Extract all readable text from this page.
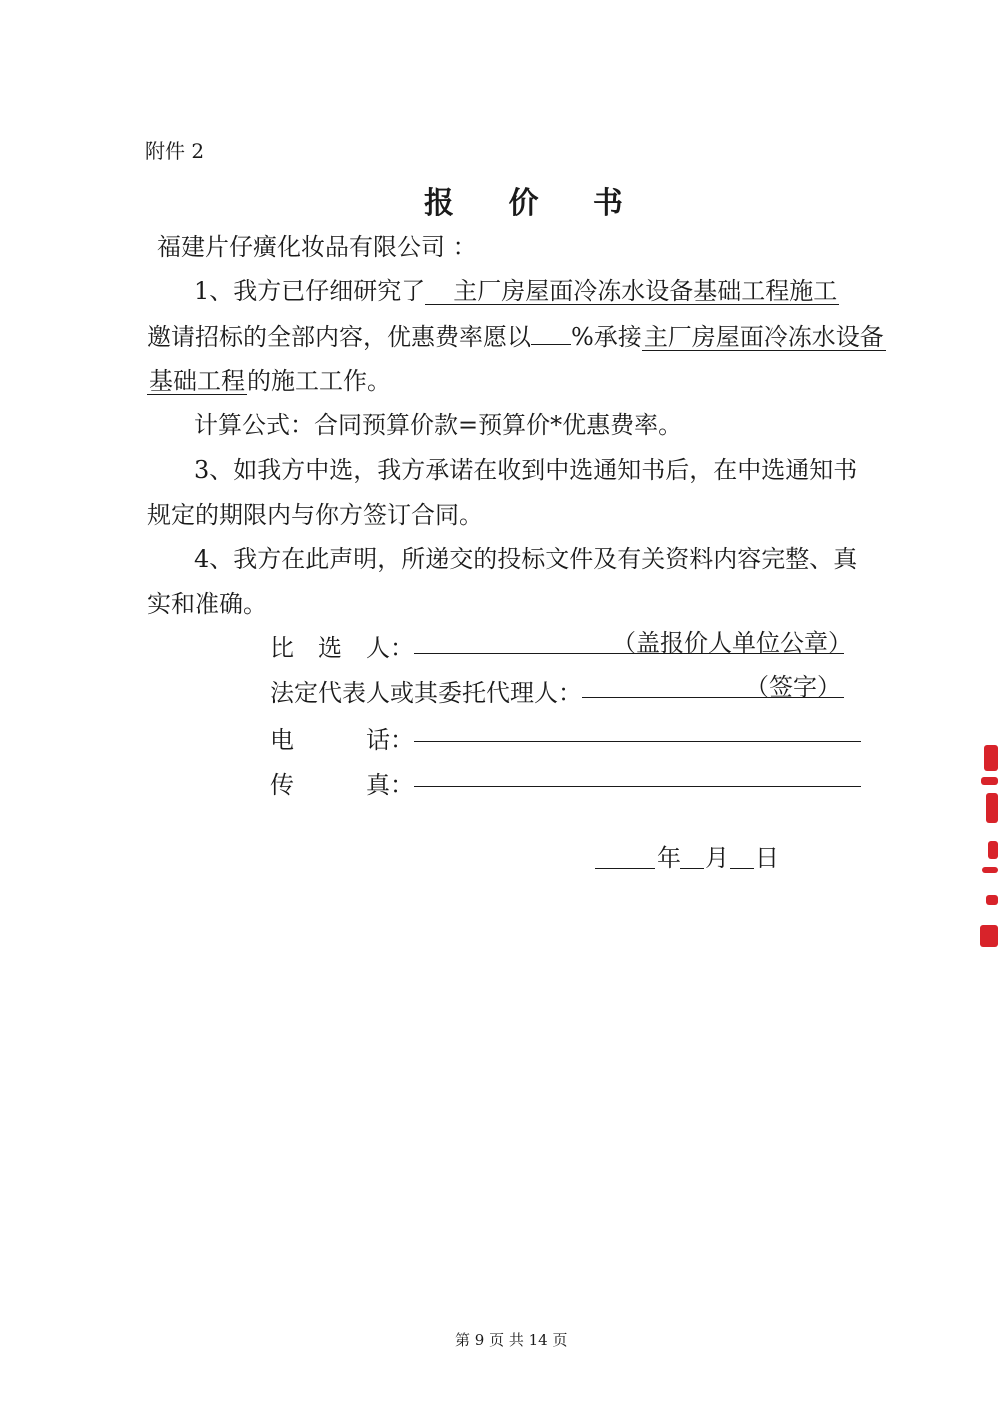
附件 2
报 价 书
福建片仔癀化妆品有限公司 ：
1、我方已仔细研究了 主厂房屋面冷冻水设备基础工程施工
邀请招标的全部内容，优惠费率愿以 %承接主厂房屋面冷冻水设备
基础工程的施工工作。
计算公式：合同预算价款=预算价*优惠费率。
3、如我方中选，我方承诺在收到中选通知书后，在中选通知书
规定的期限内与你方签订合同。
4、我方在此声明，所递交的投标文件及有关资料内容完整、真
实和准确。
比　选　人：	（盖报价人单位公章）
法定代表人或其委托代理人：	（签字）
电　　　话：
传　　　真：
年 月 日
第 9 页 共 14 页
